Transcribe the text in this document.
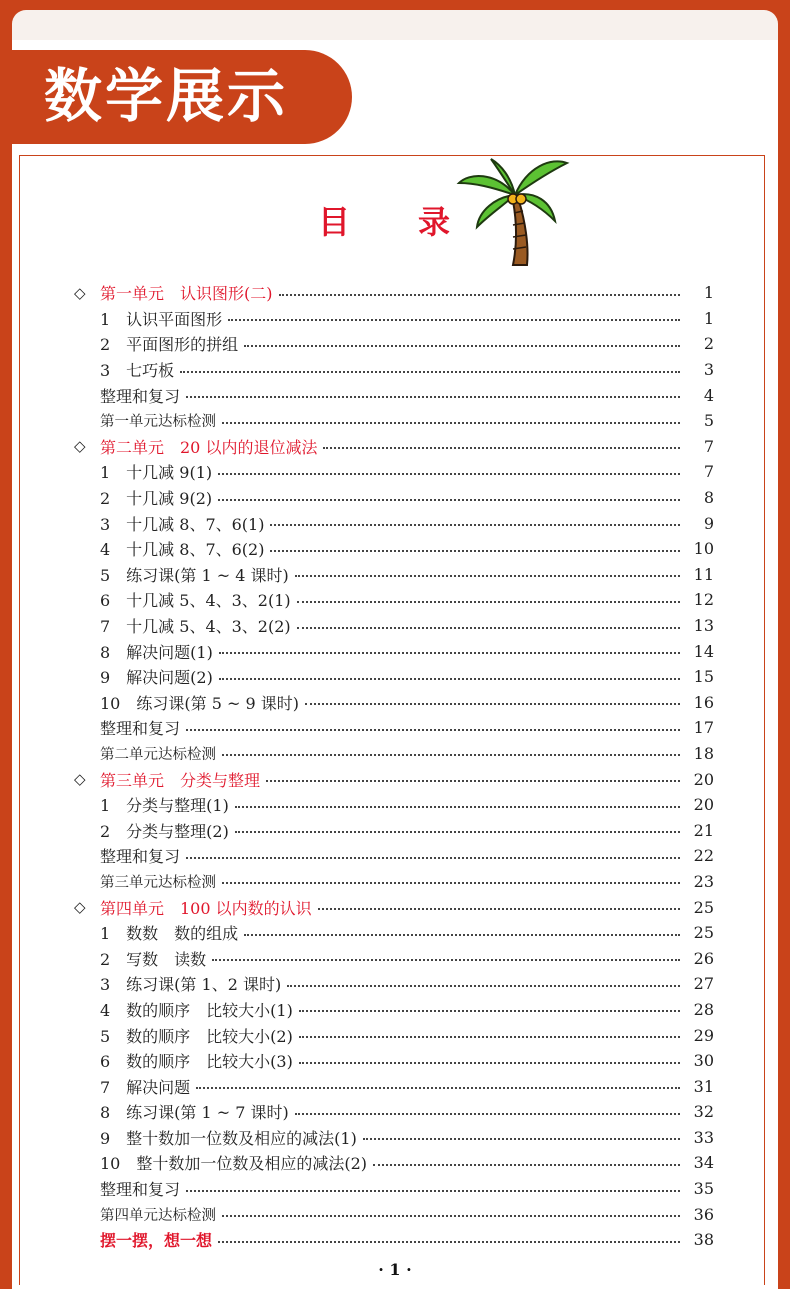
数学展示
目 录
◇ 第一单元　认识图形(二)	1
1　认识平面图形	1
2　平面图形的拼组	2
3　七巧板	3
整理和复习	4
第一单元达标检测	5
◇ 第二单元　20 以内的退位减法	7
1　十几减 9(1)	7
2　十几减 9(2)	8
3　十几减 8、7、6(1)	9
4　十几减 8、7、6(2)	10
5　练习课(第 1 ~ 4 课时)	11
6　十几减 5、4、3、2(1)	12
7　十几减 5、4、3、2(2)	13
8　解决问题(1)	14
9　解决问题(2)	15
10　练习课(第 5 ~ 9 课时)	16
整理和复习	17
第二单元达标检测	18
◇ 第三单元　分类与整理	20
1　分类与整理(1)	20
2　分类与整理(2)	21
整理和复习	22
第三单元达标检测	23
◇ 第四单元　100 以内数的认识	25
1　数数　数的组成	25
2　写数　读数	26
3　练习课(第 1、2 课时)	27
4　数的顺序　比较大小(1)	28
5　数的顺序　比较大小(2)	29
6　数的顺序　比较大小(3)	30
7　解决问题	31
8　练习课(第 1 ~ 7 课时)	32
9　整十数加一位数及相应的减法(1)	33
10　整十数加一位数及相应的减法(2)	34
整理和复习	35
第四单元达标检测	36
摆一摆，想一想	38
· 1 ·
